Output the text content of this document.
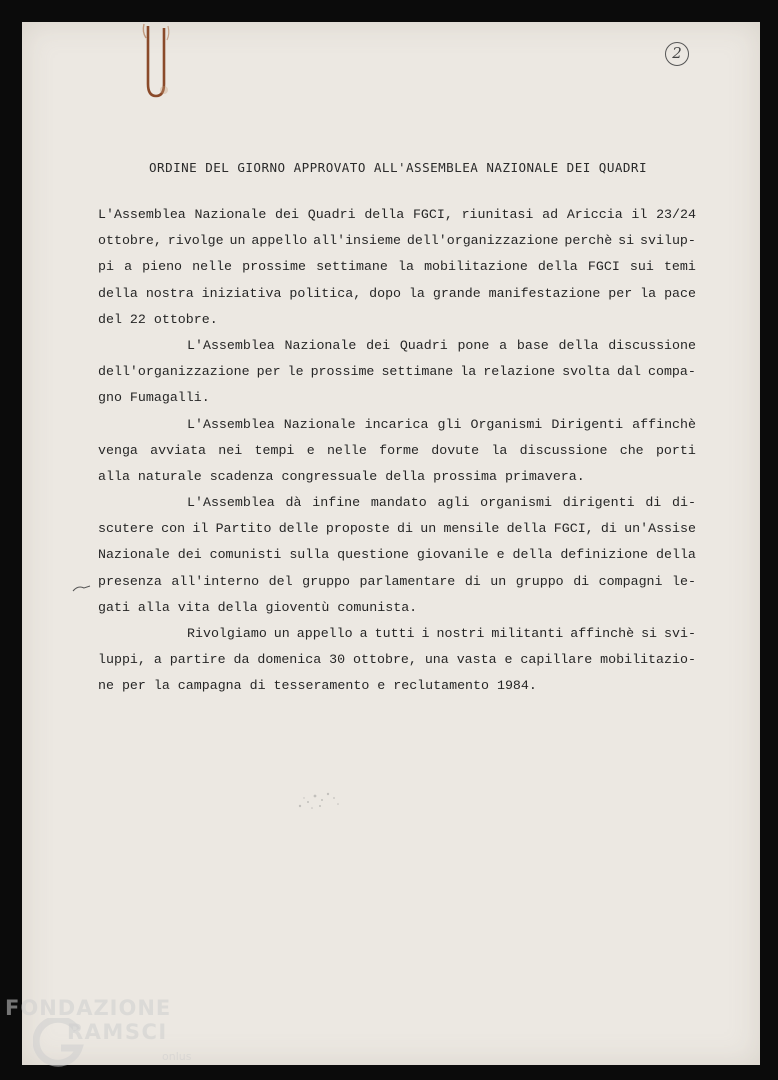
2
ORDINE DEL GIORNO APPROVATO ALL'ASSEMBLEA NAZIONALE DEI QUADRI
L'Assemblea Nazionale dei Quadri della FGCI, riunitasi ad Ariccia il 23/24
ottobre, rivolge un appello all'insieme dell'organizzazione perchè si svilup-
pi a pieno nelle prossime settimane la mobilitazione della FGCI sui temi
della nostra iniziativa politica, dopo la grande manifestazione per la pace
del 22 ottobre.
L'Assemblea Nazionale dei Quadri pone a base della discussione
dell'organizzazione per le prossime settimane la relazione svolta dal compa-
gno Fumagalli.
L'Assemblea Nazionale incarica gli Organismi Dirigenti affinchè
venga avviata nei tempi e nelle forme dovute la discussione che porti
alla naturale scadenza congressuale della prossima primavera.
L'Assemblea dà infine mandato agli organismi dirigenti di di-
scutere con il Partito delle proposte di un mensile della FGCI, di un'Assise
Nazionale dei comunisti sulla questione giovanile e della definizione della
presenza all'interno del gruppo parlamentare di un gruppo di compagni le-
gati alla vita della gioventù comunista.
Rivolgiamo un appello a tutti i nostri militanti affinchè si svi-
luppi, a partire da domenica 30 ottobre, una vasta e capillare mobilitazio-
ne per la campagna di tesseramento e reclutamento 1984.
FONDAZIONE
RAMSCI
onlus
